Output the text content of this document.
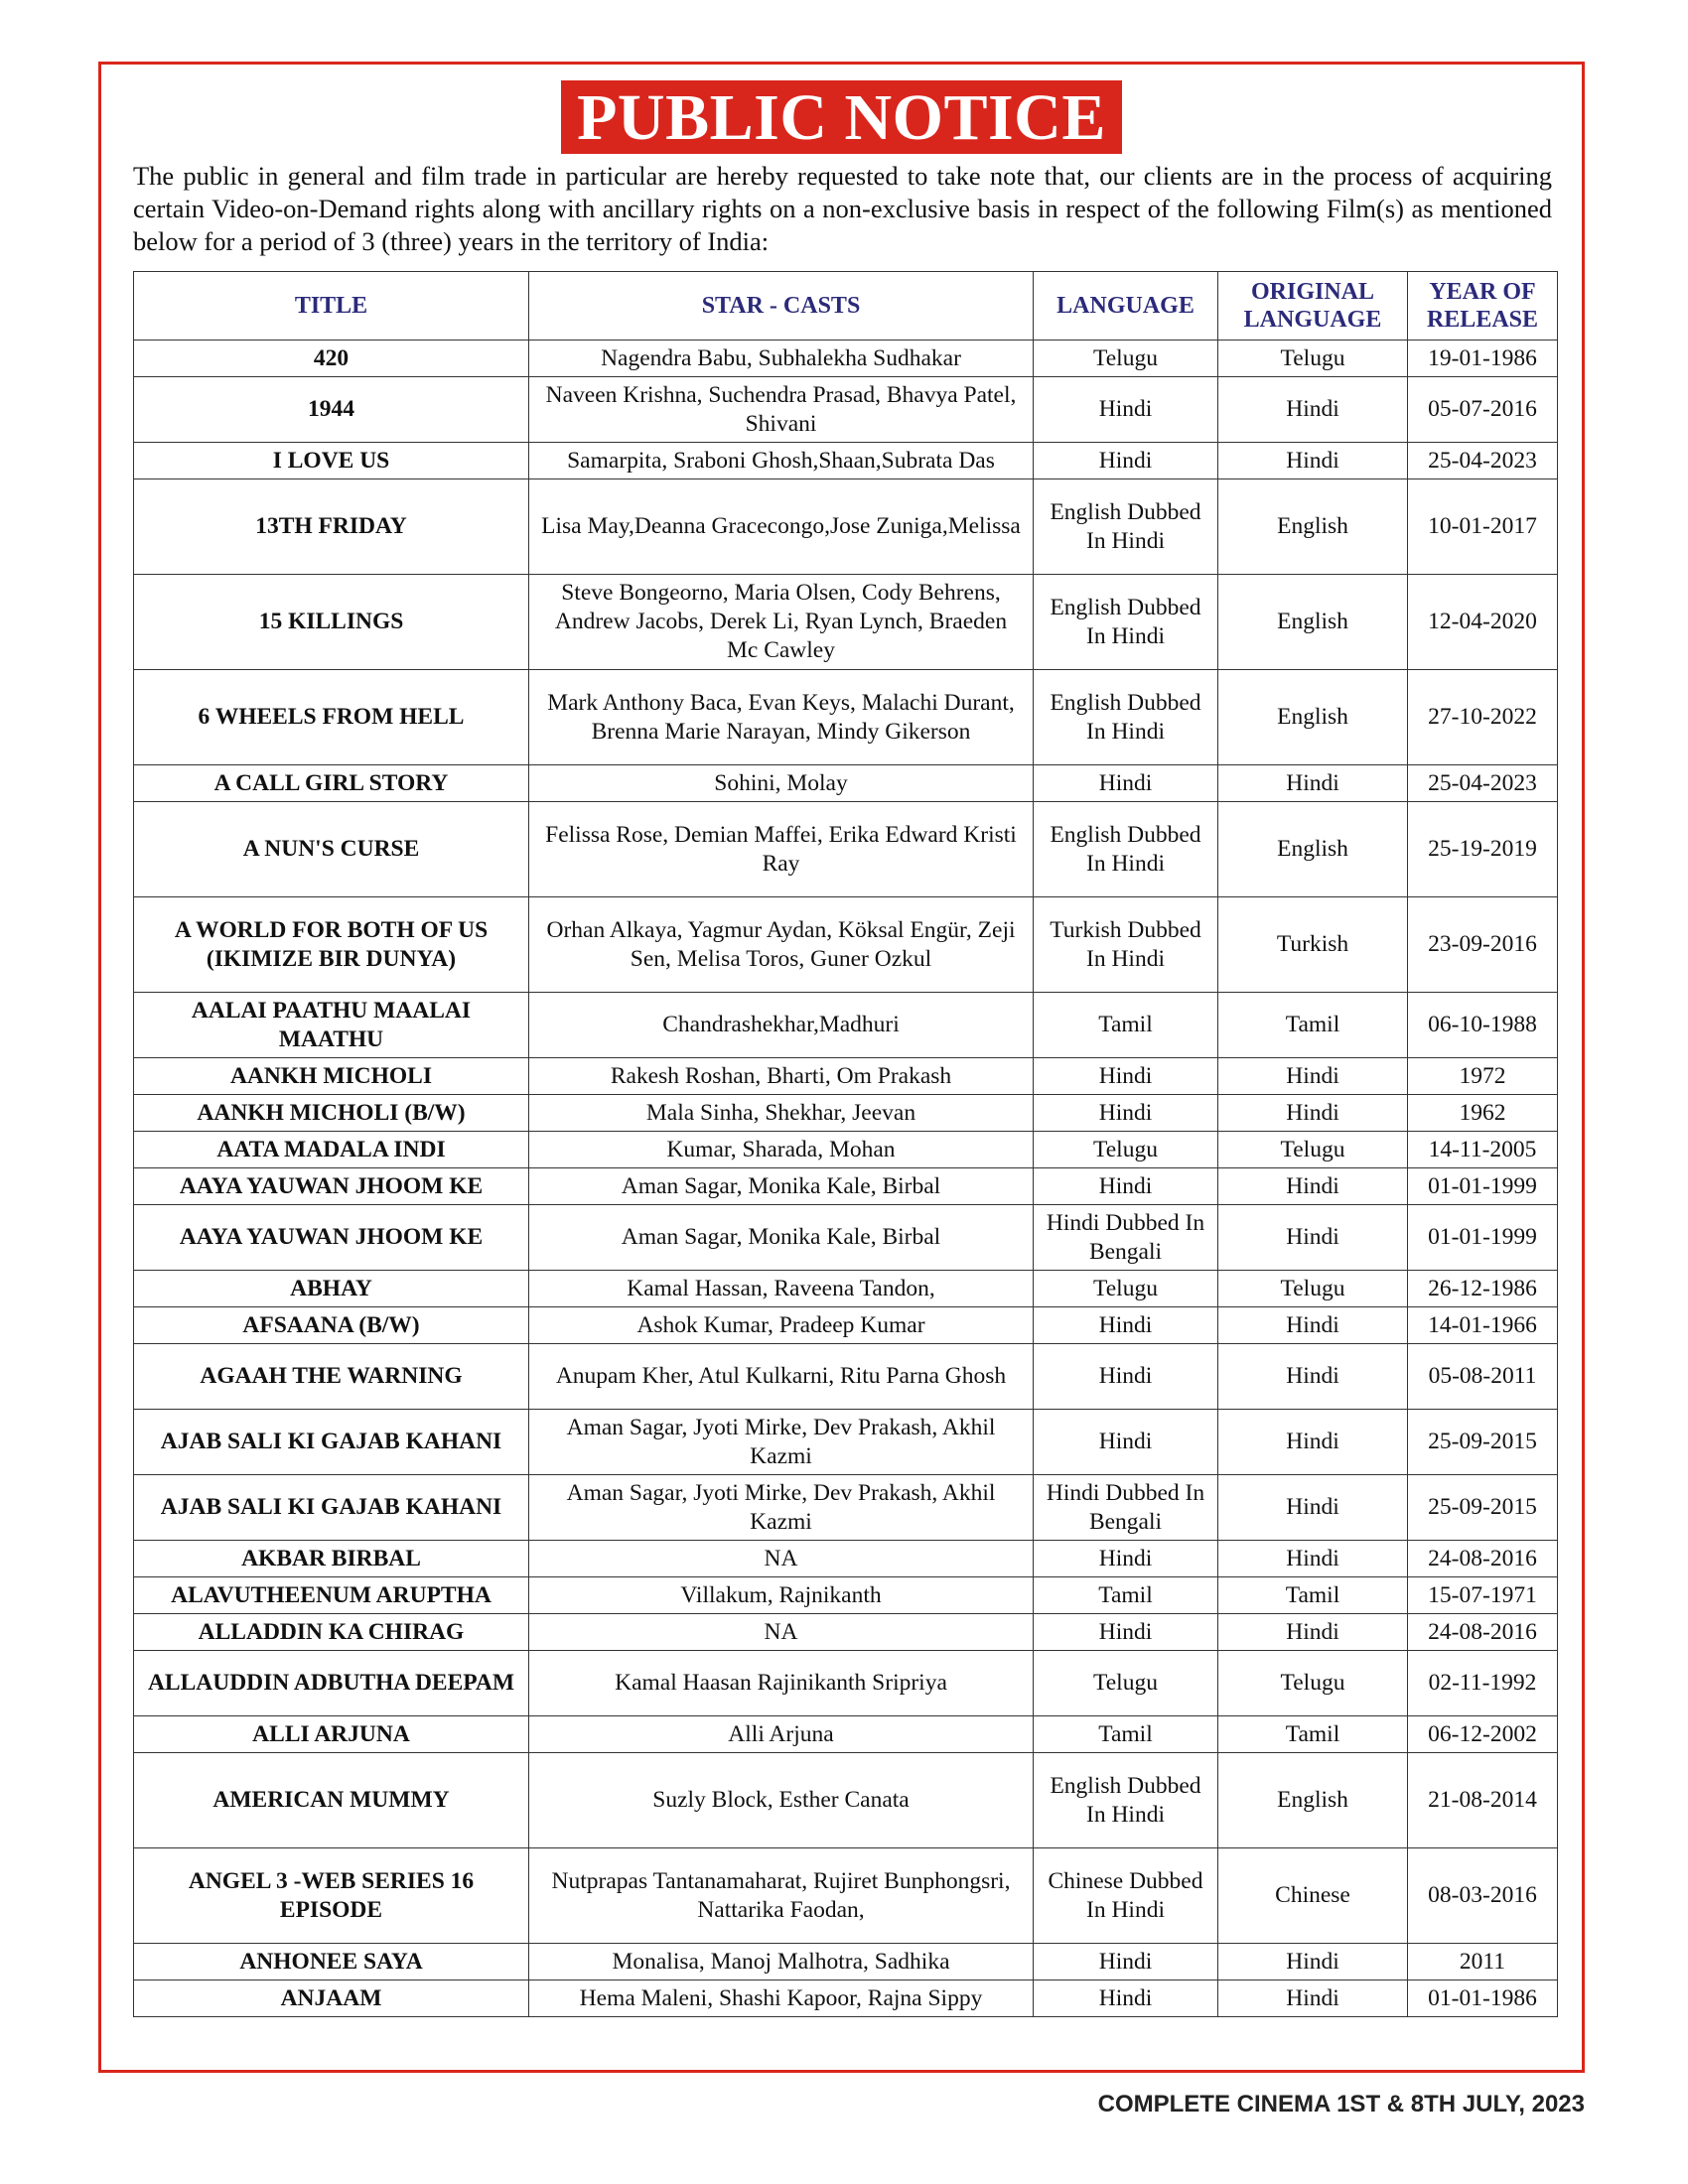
PUBLIC NOTICE
The public in general and film trade in particular are hereby requested to take note that, our clients are in the process of acquiring certain Video-on-Demand rights along with ancillary rights on a non-exclusive basis in respect of the following Film(s) as mentioned below for a period of 3 (three) years in the territory of India:
TITLE	STAR - CASTS	LANGUAGE	ORIGINAL LANGUAGE	YEAR OF RELEASE
420	Nagendra Babu, Subhalekha Sudhakar	Telugu	Telugu	19-01-1986
1944	Naveen Krishna, Suchendra Prasad, Bhavya Patel, Shivani	Hindi	Hindi	05-07-2016
I LOVE US	Samarpita, Sraboni Ghosh,Shaan,Subrata Das	Hindi	Hindi	25-04-2023
13TH FRIDAY	Lisa May,Deanna Gracecongo,Jose Zuniga,Melissa	English Dubbed In Hindi	English	10-01-2017
15 KILLINGS	Steve Bongeorno, Maria Olsen, Cody Behrens, Andrew Jacobs, Derek Li, Ryan Lynch, Braeden Mc Cawley	English Dubbed In Hindi	English	12-04-2020
6 WHEELS FROM HELL	Mark Anthony Baca, Evan Keys, Malachi Durant, Brenna Marie Narayan, Mindy Gikerson	English Dubbed In Hindi	English	27-10-2022
A CALL GIRL STORY	Sohini, Molay	Hindi	Hindi	25-04-2023
A NUN'S CURSE	Felissa Rose, Demian Maffei, Erika Edward Kristi Ray	English Dubbed In Hindi	English	25-19-2019
A WORLD FOR BOTH OF US (IKIMIZE BIR DUNYA)	Orhan Alkaya, Yagmur Aydan, Köksal Engür, Zeji Sen, Melisa Toros, Guner Ozkul	Turkish Dubbed In Hindi	Turkish	23-09-2016
AALAI PAATHU MAALAI MAATHU	Chandrashekhar,Madhuri	Tamil	Tamil	06-10-1988
AANKH MICHOLI	Rakesh Roshan, Bharti, Om Prakash	Hindi	Hindi	1972
AANKH MICHOLI (B/W)	Mala Sinha, Shekhar, Jeevan	Hindi	Hindi	1962
AATA MADALA INDI	Kumar, Sharada, Mohan	Telugu	Telugu	14-11-2005
AAYA YAUWAN JHOOM KE	Aman Sagar, Monika Kale, Birbal	Hindi	Hindi	01-01-1999
AAYA YAUWAN JHOOM KE	Aman Sagar, Monika Kale, Birbal	Hindi Dubbed In Bengali	Hindi	01-01-1999
ABHAY	Kamal Hassan, Raveena Tandon,	Telugu	Telugu	26-12-1986
AFSAANA (B/W)	Ashok Kumar, Pradeep Kumar	Hindi	Hindi	14-01-1966
AGAAH THE WARNING	Anupam Kher, Atul Kulkarni, Ritu Parna Ghosh	Hindi	Hindi	05-08-2011
AJAB SALI KI GAJAB KAHANI	Aman Sagar, Jyoti Mirke, Dev Prakash, Akhil Kazmi	Hindi	Hindi	25-09-2015
AJAB SALI KI GAJAB KAHANI	Aman Sagar, Jyoti Mirke, Dev Prakash, Akhil Kazmi	Hindi Dubbed In Bengali	Hindi	25-09-2015
AKBAR BIRBAL	NA	Hindi	Hindi	24-08-2016
ALAVUTHEENUM ARUPTHA	Villakum, Rajnikanth	Tamil	Tamil	15-07-1971
ALLADDIN KA CHIRAG	NA	Hindi	Hindi	24-08-2016
ALLAUDDIN ADBUTHA DEEPAM	Kamal Haasan Rajinikanth Sripriya	Telugu	Telugu	02-11-1992
ALLI ARJUNA	Alli Arjuna	Tamil	Tamil	06-12-2002
AMERICAN MUMMY	Suzly Block, Esther Canata	English Dubbed In Hindi	English	21-08-2014
ANGEL 3 -WEB SERIES 16 EPISODE	Nutprapas Tantanamaharat, Rujiret Bunphongsri, Nattarika Faodan,	Chinese Dubbed In Hindi	Chinese	08-03-2016
ANHONEE SAYA	Monalisa, Manoj Malhotra, Sadhika	Hindi	Hindi	2011
ANJAAM	Hema Maleni, Shashi Kapoor, Rajna Sippy	Hindi	Hindi	01-01-1986
COMPLETE CINEMA 1ST & 8TH JULY, 2023
